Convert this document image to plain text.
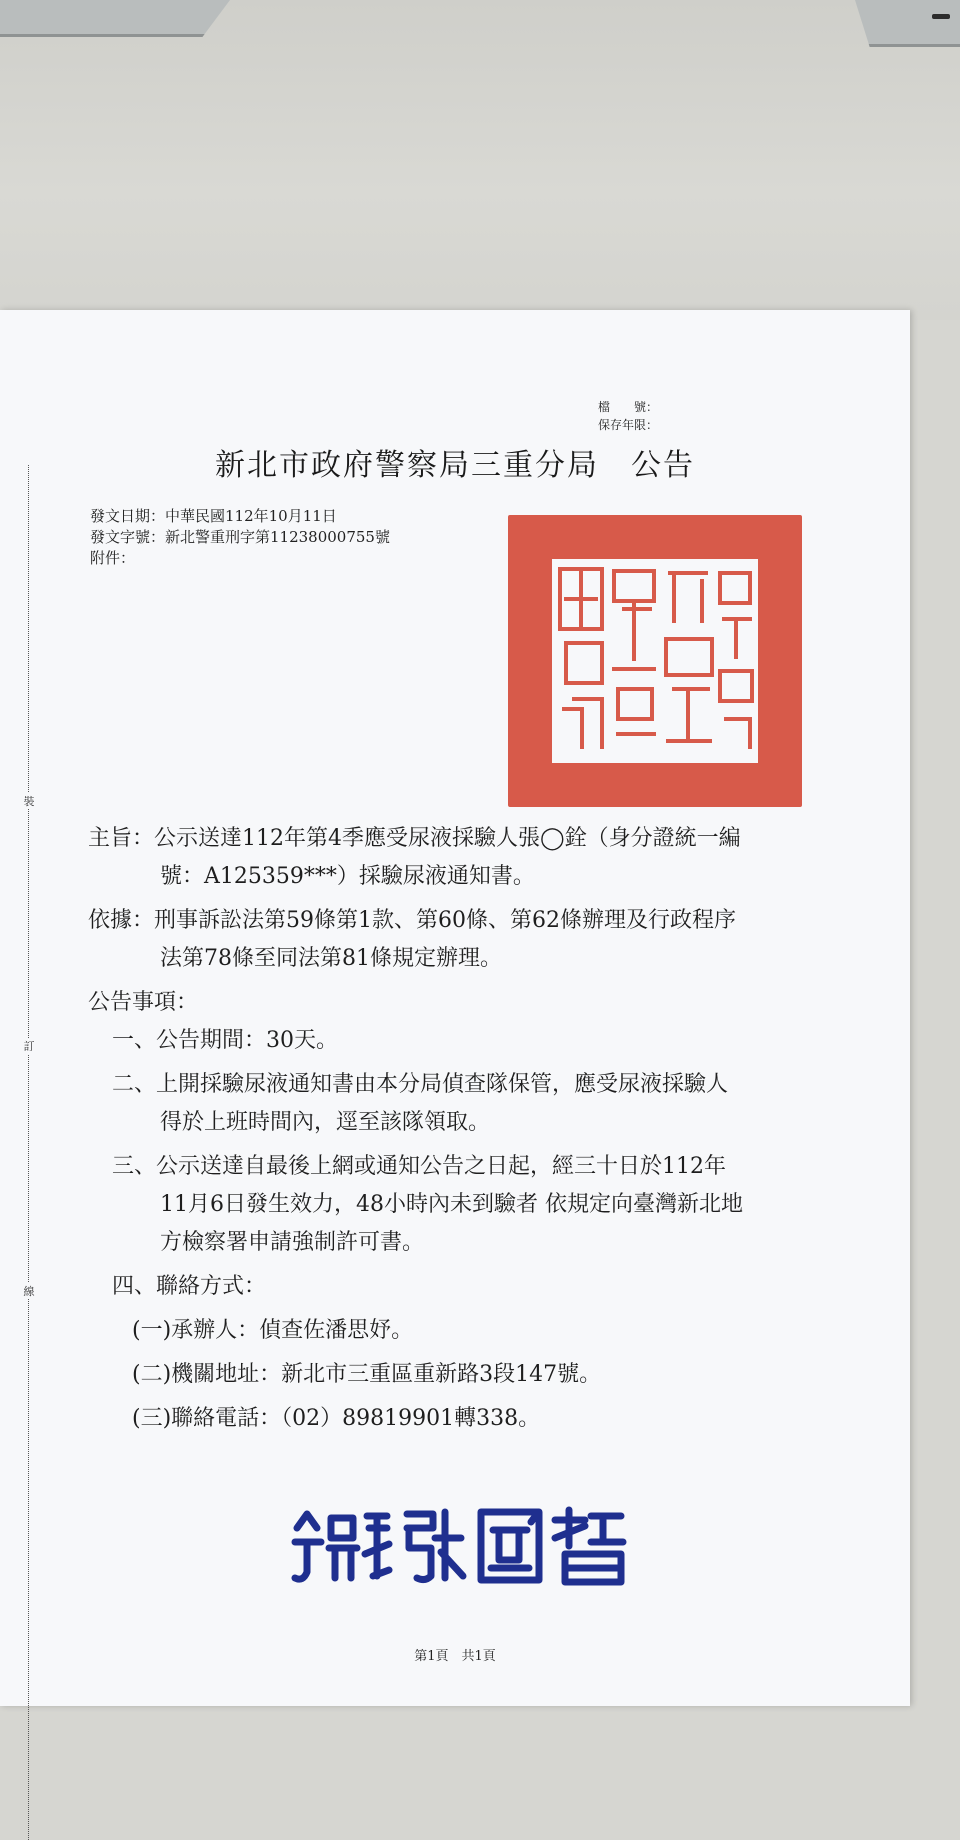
裝
訂
線
檔　　號：
保存年限：
新北市政府警察局三重分局　公告
發文日期：中華民國112年10月11日
發文字號：新北警重刑字第11238000755號
附件：
主旨： 公示送達112年第4季應受尿液採驗人張◯銓（身分證統一編
號：A125359***）採驗尿液通知書。
依據： 刑事訴訟法第59條第1款、第60條、第62條辦理及行政程序
法第78條至同法第81條規定辦理。
公告事項：
一、 公告期間：30天。
二、 上開採驗尿液通知書由本分局偵查隊保管，應受尿液採驗人
得於上班時間內，逕至該隊領取。
三、 公示送達自最後上網或通知公告之日起，經三十日於112年
11月6日發生效力，48小時內未到驗者 依規定向臺灣新北地
方檢察署申請強制許可書。
四、 聯絡方式：
(一)承辦人：偵查佐潘思妤。
(二)機關地址：新北市三重區重新路3段147號。
(三)聯絡電話：（02）89819901轉338。
第1頁　共1頁
